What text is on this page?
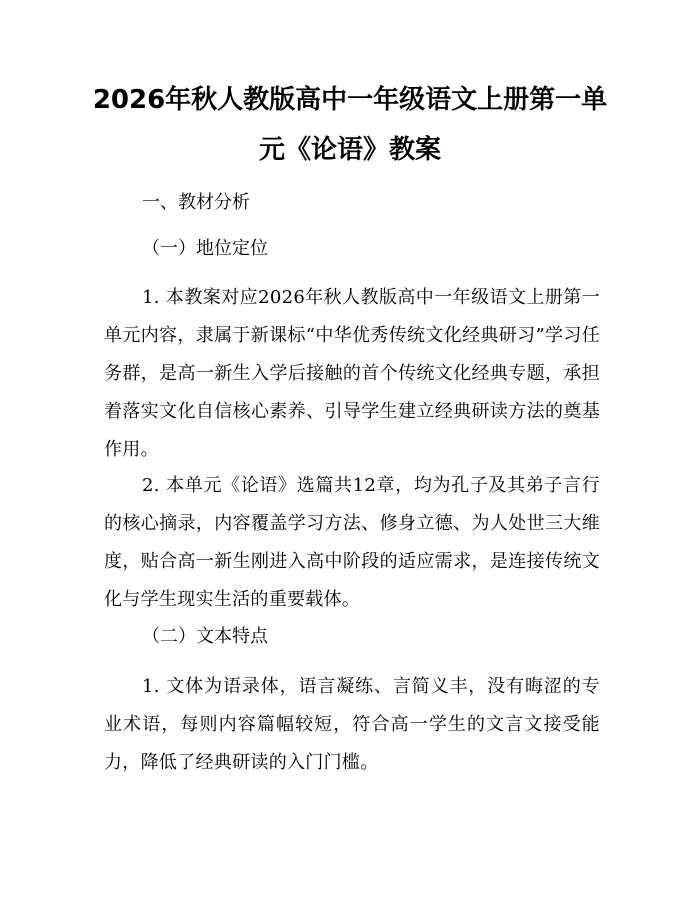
2026年秋人教版高中一年级语文上册第一单
元《论语》教案

一、教材分析

（一）地位定位

1. 本教案对应2026年秋人教版高中一年级语文上册第一单元内容，隶属于新课标“中华优秀传统文化经典研习”学习任务群，是高一新生入学后接触的首个传统文化经典专题，承担着落实文化自信核心素养、引导学生建立经典研读方法的奠基作用。

2. 本单元《论语》选篇共12章，均为孔子及其弟子言行的核心摘录，内容覆盖学习方法、修身立德、为人处世三大维度，贴合高一新生刚进入高中阶段的适应需求，是连接传统文化与学生现实生活的重要载体。

（二）文本特点

1. 文体为语录体，语言凝练、言简义丰，没有晦涩的专业术语，每则内容篇幅较短，符合高一学生的文言文接受能力，降低了经典研读的入门门槛。
